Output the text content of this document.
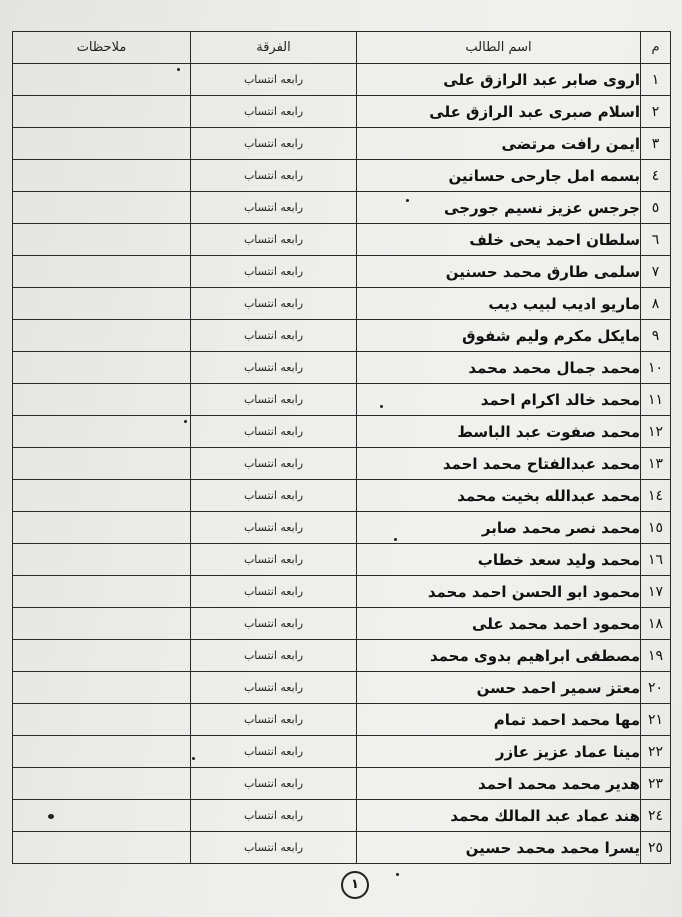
م	اسم الطالب	الفرقة	ملاحظات
١	اروى صابر عبد الرازق على	رابعه انتساب	
٢	اسلام صبرى عبد الرازق على	رابعه انتساب	
٣	ايمن رافت مرتضى	رابعه انتساب	
٤	بسمه امل جارحى حسانين	رابعه انتساب	
٥	جرجس عزيز نسيم جورجى	رابعه انتساب	
٦	سلطان احمد يحى خلف	رابعه انتساب	
٧	سلمى طارق محمد حسنين	رابعه انتساب	
٨	ماريو اديب لبيب ديب	رابعه انتساب	
٩	مايكل مكرم وليم شفوق	رابعه انتساب	
١٠	محمد جمال محمد محمد	رابعه انتساب	
١١	محمد خالد اكرام احمد	رابعه انتساب	
١٢	محمد صفوت عبد الباسط	رابعه انتساب	
١٣	محمد عبدالفتاح محمد احمد	رابعه انتساب	
١٤	محمد عبدالله بخيت محمد	رابعه انتساب	
١٥	محمد نصر محمد صابر	رابعه انتساب	
١٦	محمد وليد سعد خطاب	رابعه انتساب	
١٧	محمود ابو الحسن احمد محمد	رابعه انتساب	
١٨	محمود احمد محمد على	رابعه انتساب	
١٩	مصطفى ابراهيم بدوى محمد	رابعه انتساب	
٢٠	معتز سمير احمد حسن	رابعه انتساب	
٢١	مها محمد احمد تمام	رابعه انتساب	
٢٢	مينا عماد عزيز عازر	رابعه انتساب	
٢٣	هدير محمد محمد احمد	رابعه انتساب	
٢٤	هند عماد عبد المالك محمد	رابعه انتساب	
٢٥	يسرا محمد محمد حسين	رابعه انتساب	
١
